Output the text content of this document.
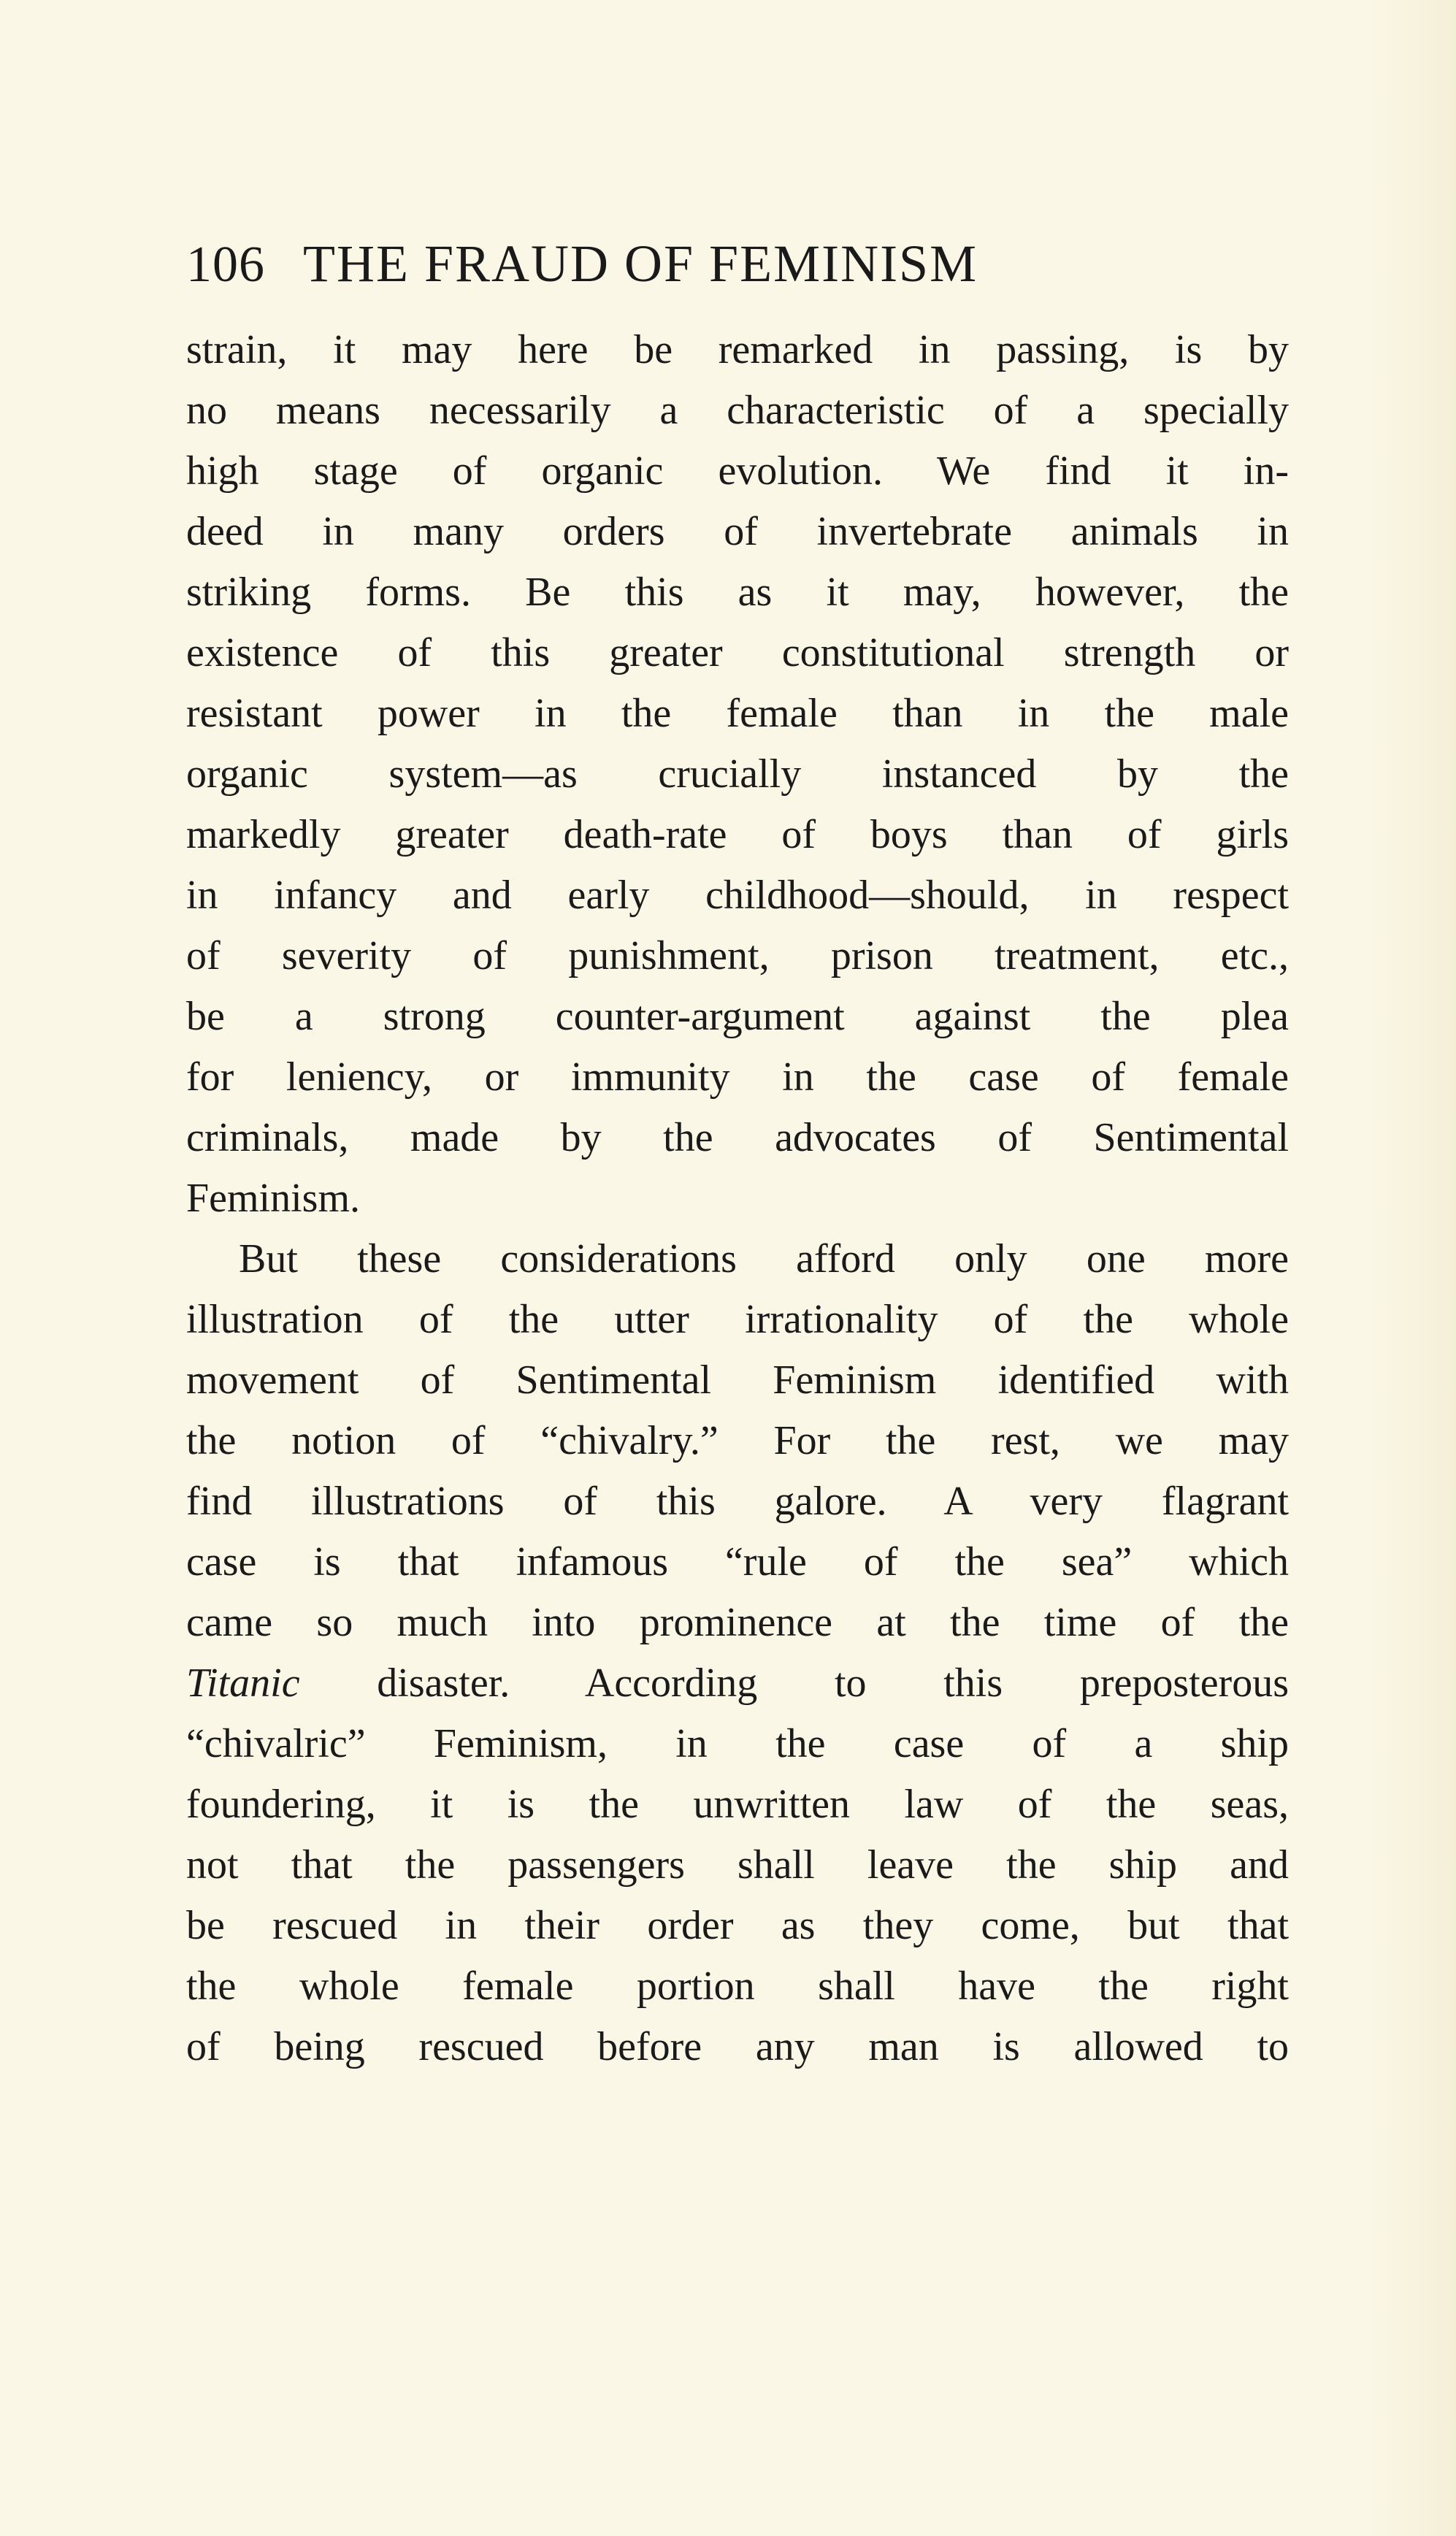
106 THE FRAUD OF FEMINISM
strain, it may here be remarked in passing, is by
no means necessarily a characteristic of a specially
high stage of organic evolution. We find it in-
deed in many orders of invertebrate animals in
striking forms. Be this as it may, however, the
existence of this greater constitutional strength or
resistant power in the female than in the male
organic system—as crucially instanced by the
markedly greater death-rate of boys than of girls
in infancy and early childhood—should, in respect
of severity of punishment, prison treatment, etc.,
be a strong counter-argument against the plea
for leniency, or immunity in the case of female
criminals, made by the advocates of Sentimental
Feminism.
But these considerations afford only one more
illustration of the utter irrationality of the whole
movement of Sentimental Feminism identified with
the notion of “chivalry.” For the rest, we may
find illustrations of this galore. A very flagrant
case is that infamous “rule of the sea” which
came so much into prominence at the time of the
Titanic disaster. According to this preposterous
“chivalric” Feminism, in the case of a ship
foundering, it is the unwritten law of the seas,
not that the passengers shall leave the ship and
be rescued in their order as they come, but that
the whole female portion shall have the right
of being rescued before any man is allowed to
